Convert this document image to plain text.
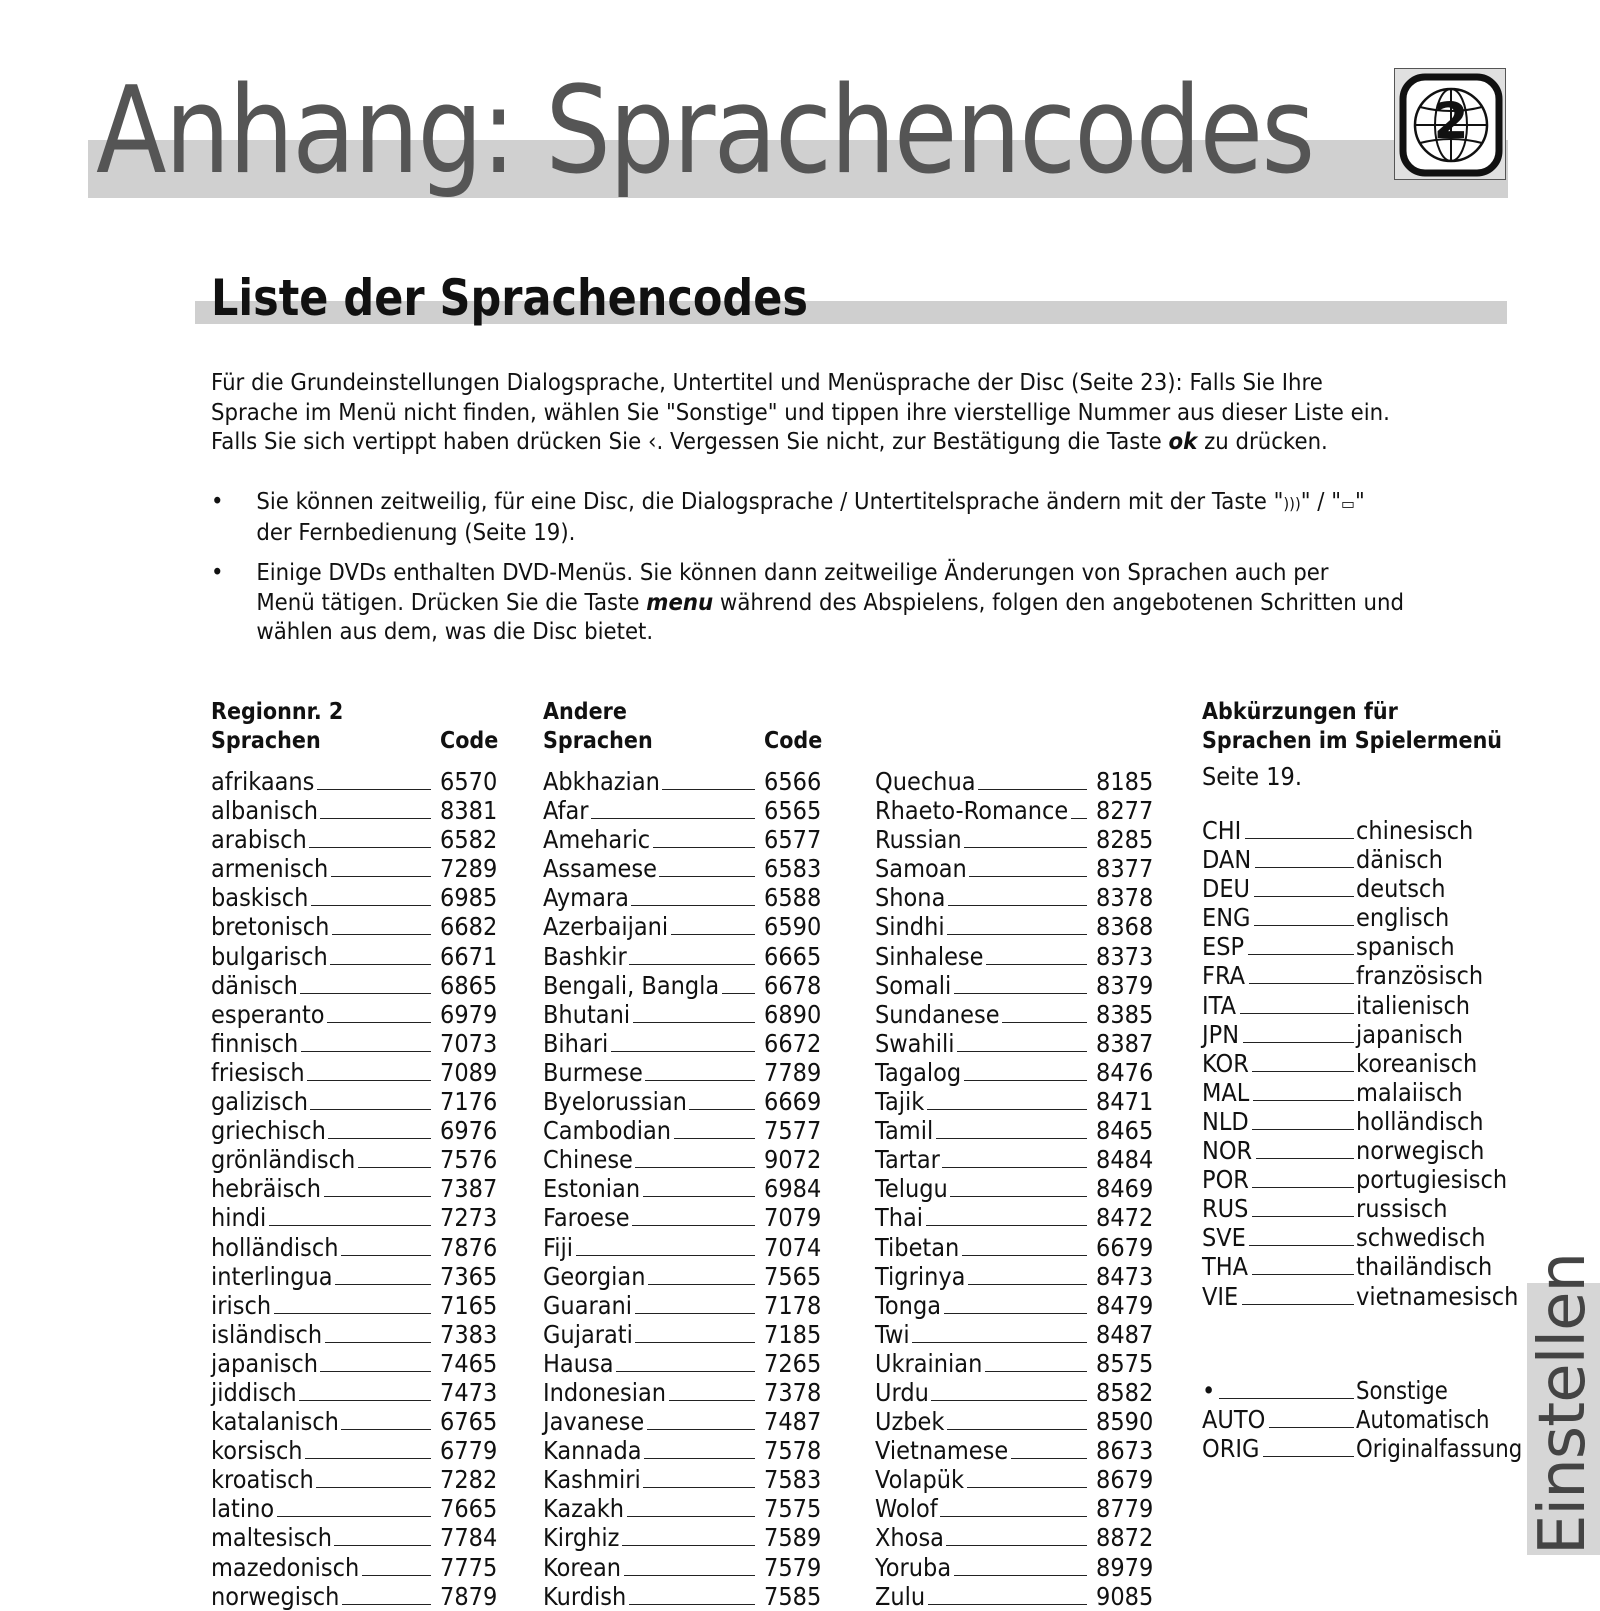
Anhang: Sprachencodes	2
Liste der Sprachencodes
Für die Grundeinstellungen Dialogsprache, Untertitel und Menüsprache der Disc (Seite 23): Falls Sie Ihre
Sprache im Menü nicht finden, wählen Sie "Sonstige" und tippen ihre vierstellige Nummer aus dieser Liste ein.
Falls Sie sich vertippt haben drücken Sie ‹. Vergessen Sie nicht, zur Bestätigung die Taste ok zu drücken.
• Sie können zeitweilig, für eine Disc, die Dialogsprache / Untertitelsprache ändern mit der Taste ")))" / "▭"
der Fernbedienung (Seite 19).
• Einige DVDs enthalten DVD-Menüs. Sie können dann zeitweilige Änderungen von Sprachen auch per
Menü tätigen. Drücken Sie die Taste menu während des Abspielens, folgen den angebotenen Schritten und
wählen aus dem, was die Disc bietet.
Regionnr. 2
Sprachen	Code
Andere
Sprachen	Code
Abkürzungen für
Sprachen im Spielermenü
Seite 19.
afrikaans	6570
albanisch	8381
arabisch	6582
armenisch	7289
baskisch	6985
bretonisch	6682
bulgarisch	6671
dänisch	6865
esperanto	6979
finnisch	7073
friesisch	7089
galizisch	7176
griechisch	6976
grönländisch	7576
hebräisch	7387
hindi	7273
holländisch	7876
interlingua	7365
irisch	7165
isländisch	7383
japanisch	7465
jiddisch	7473
katalanisch	6765
korsisch	6779
kroatisch	7282
latino	7665
maltesisch	7784
mazedonisch	7775
norwegisch	7879
Abkhazian	6566
Afar	6565
Ameharic	6577
Assamese	6583
Aymara	6588
Azerbaijani	6590
Bashkir	6665
Bengali, Bangla 6678
Bhutani	6890
Bihari	6672
Burmese	7789
Byelorussian	6669
Cambodian	7577
Chinese	9072
Estonian	6984
Faroese	7079
Fiji	7074
Georgian	7565
Guarani	7178
Gujarati	7185
Hausa	7265
Indonesian	7378
Javanese	7487
Kannada	7578
Kashmiri	7583
Kazakh	7575
Kirghiz	7589
Korean	7579
Kurdish	7585
Quechua	8185
Rhaeto-Romance 8277
Russian	8285
Samoan	8377
Shona	8378
Sindhi	8368
Sinhalese	8373
Somali	8379
Sundanese	8385
Swahili	8387
Tagalog	8476
Tajik	8471
Tamil	8465
Tartar	8484
Telugu	8469
Thai	8472
Tibetan	6679
Tigrinya	8473
Tonga	8479
Twi	8487
Ukrainian	8575
Urdu	8582
Uzbek	8590
Vietnamese	8673
Volapük	8679
Wolof	8779
Xhosa	8872
Yoruba	8979
Zulu	9085
CHI	chinesisch
DAN	dänisch
DEU	deutsch
ENG	englisch
ESP	spanisch
FRA	französisch
ITA	italienisch
JPN	japanisch
KOR	koreanisch
MAL	malaiisch
NLD	holländisch
NOR	norwegisch
POR	portugiesisch
RUS	russisch
SVE	schwedisch
THA	thailändisch
VIE	vietnamesisch
•	Sonstige
AUTO	Automatisch
ORIG	Originalfassung Einstellen
